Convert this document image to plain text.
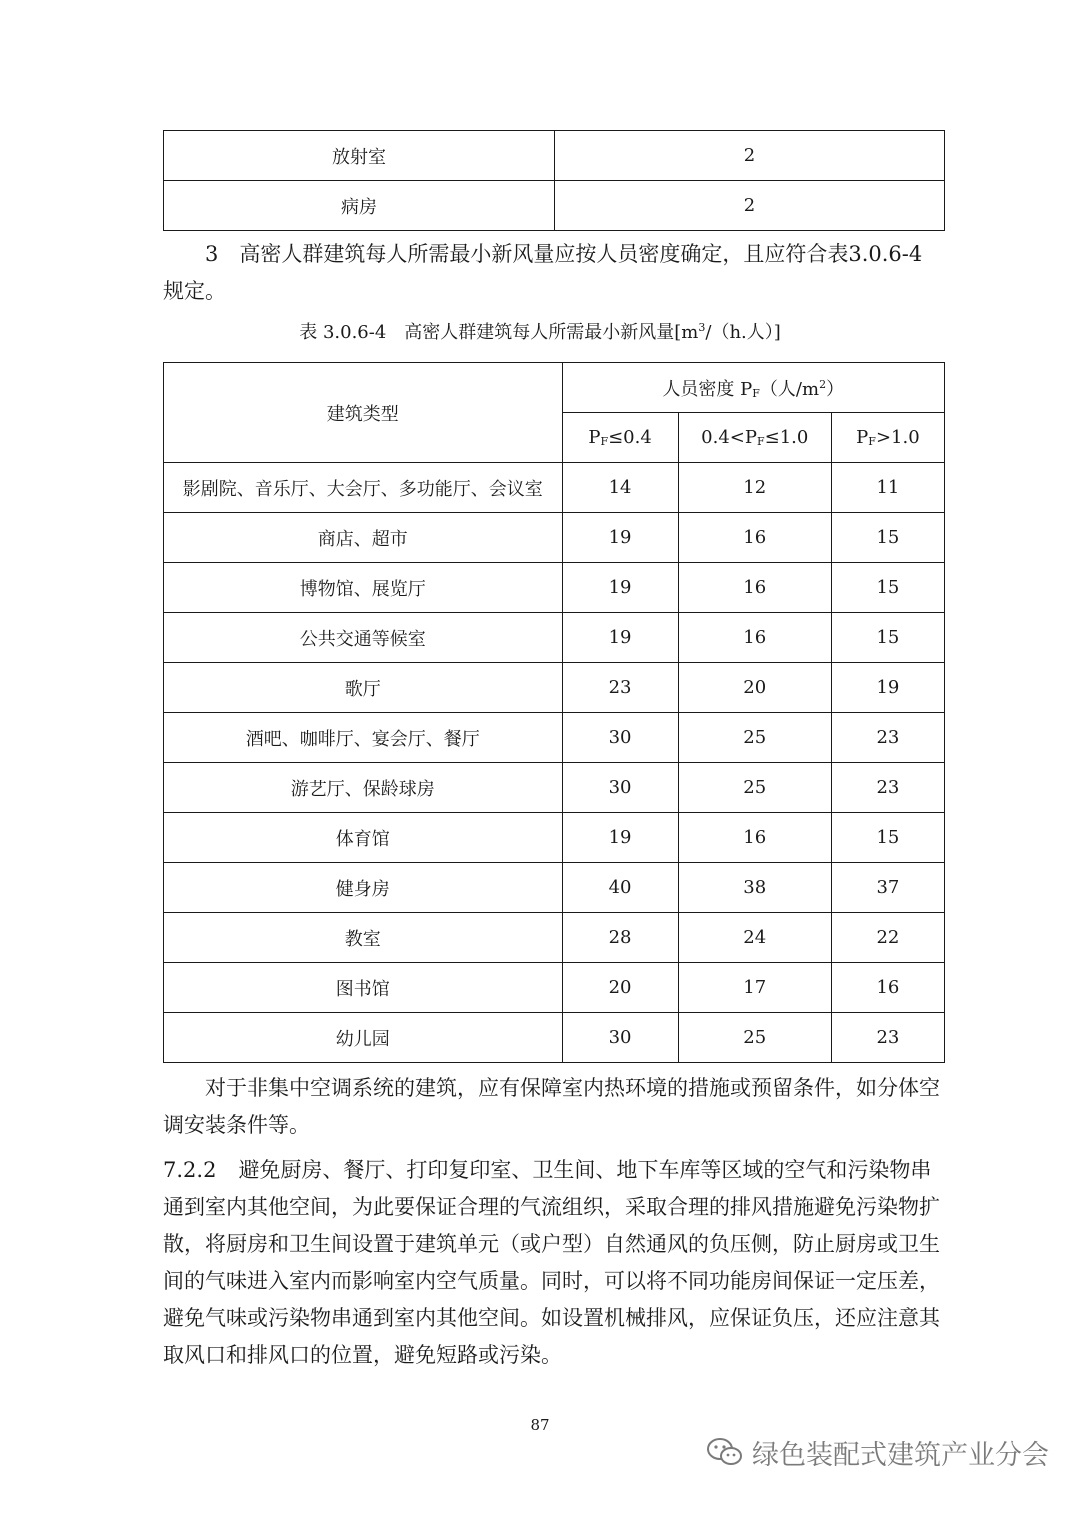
放射室	2
病房	2

3　高密人群建筑每人所需最小新风量应按人员密度确定，且应符合表3.0.6-4 规定。

表 3.0.6-4　高密人群建筑每人所需最小新风量[$m^3/(h$.人）]

建筑类型	人员密度 $P_F$（人$/m^2$）		
	$P_F\le 0.4$	$0.4<P_F\le 1.0$	$P_F>1.0$
影剧院、音乐厅、大会厅、多功能厅、会议室	14	12	11
商店、超市	19	16	15
博物馆、展览厅	19	16	15
公共交通等候室	19	16	15
歌厅	23	20	19
酒吧、咖啡厅、宴会厅、餐厅	30	25	23
游艺厅、保龄球房	30	25	23
体育馆	19	16	15
健身房	40	38	37
教室	28	24	22
图书馆	20	17	16
幼儿园	30	25	23

对于非集中空调系统的建筑，应有保障室内热环境的措施或预留条件，如分体空调安装条件等。

7.2.2 避免厨房、餐厅、打印复印室、卫生间、地下车库等区域的空气和污染物串通到室内其他空间，为此要保证合理的气流组织，采取合理的排风措施避免污染物扩散，将厨房和卫生间设置于建筑单元（或户型）自然通风的负压侧，防止厨房或卫生间的气味进入室内而影响室内空气质量。同时，可以将不同功能房间保证一定压差，避免气味或污染物串通到室内其他空间。如设置机械排风，应保证负压，还应注意其取风口和排风口的位置，避免短路或污染。

87
绿色装配式建筑产业分会
